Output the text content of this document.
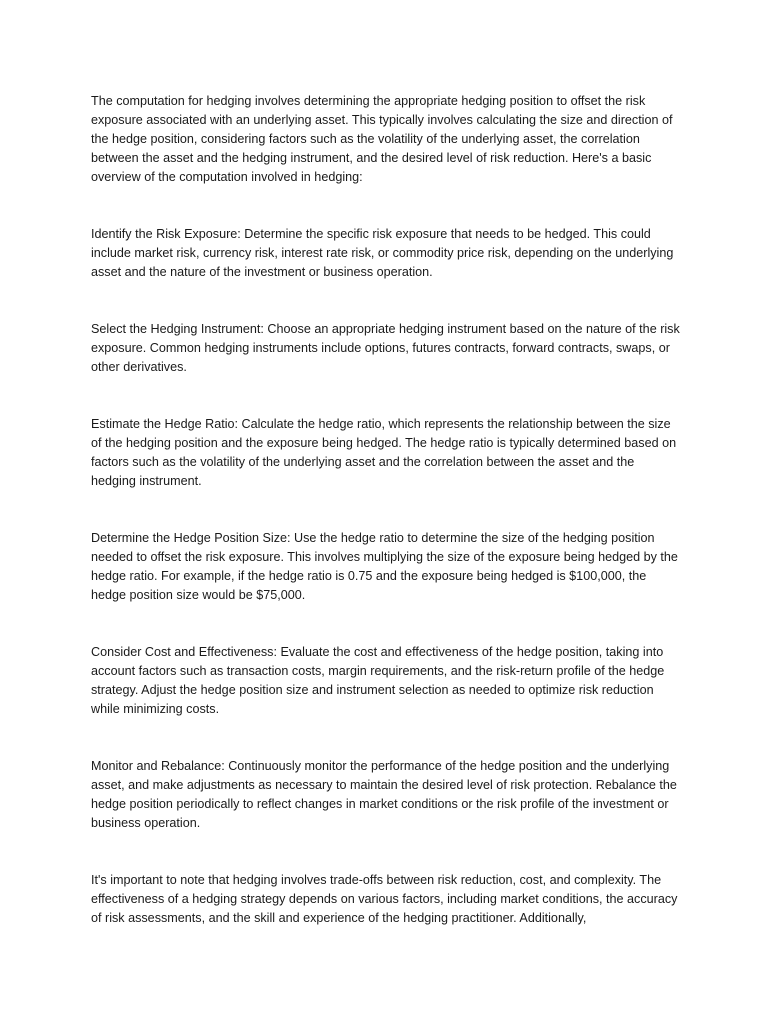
The computation for hedging involves determining the appropriate hedging position to offset the risk exposure associated with an underlying asset. This typically involves calculating the size and direction of the hedge position, considering factors such as the volatility of the underlying asset, the correlation between the asset and the hedging instrument, and the desired level of risk reduction. Here's a basic overview of the computation involved in hedging:

Identify the Risk Exposure: Determine the specific risk exposure that needs to be hedged. This could include market risk, currency risk, interest rate risk, or commodity price risk, depending on the underlying asset and the nature of the investment or business operation.

Select the Hedging Instrument: Choose an appropriate hedging instrument based on the nature of the risk exposure. Common hedging instruments include options, futures contracts, forward contracts, swaps, or other derivatives.

Estimate the Hedge Ratio: Calculate the hedge ratio, which represents the relationship between the size of the hedging position and the exposure being hedged. The hedge ratio is typically determined based on factors such as the volatility of the underlying asset and the correlation between the asset and the hedging instrument.

Determine the Hedge Position Size: Use the hedge ratio to determine the size of the hedging position needed to offset the risk exposure. This involves multiplying the size of the exposure being hedged by the hedge ratio. For example, if the hedge ratio is 0.75 and the exposure being hedged is $100,000, the hedge position size would be $75,000.

Consider Cost and Effectiveness: Evaluate the cost and effectiveness of the hedge position, taking into account factors such as transaction costs, margin requirements, and the risk-return profile of the hedge strategy. Adjust the hedge position size and instrument selection as needed to optimize risk reduction while minimizing costs.

Monitor and Rebalance: Continuously monitor the performance of the hedge position and the underlying asset, and make adjustments as necessary to maintain the desired level of risk protection. Rebalance the hedge position periodically to reflect changes in market conditions or the risk profile of the investment or business operation.

It's important to note that hedging involves trade-offs between risk reduction, cost, and complexity. The effectiveness of a hedging strategy depends on various factors, including market conditions, the accuracy of risk assessments, and the skill and experience of the hedging practitioner. Additionally,
